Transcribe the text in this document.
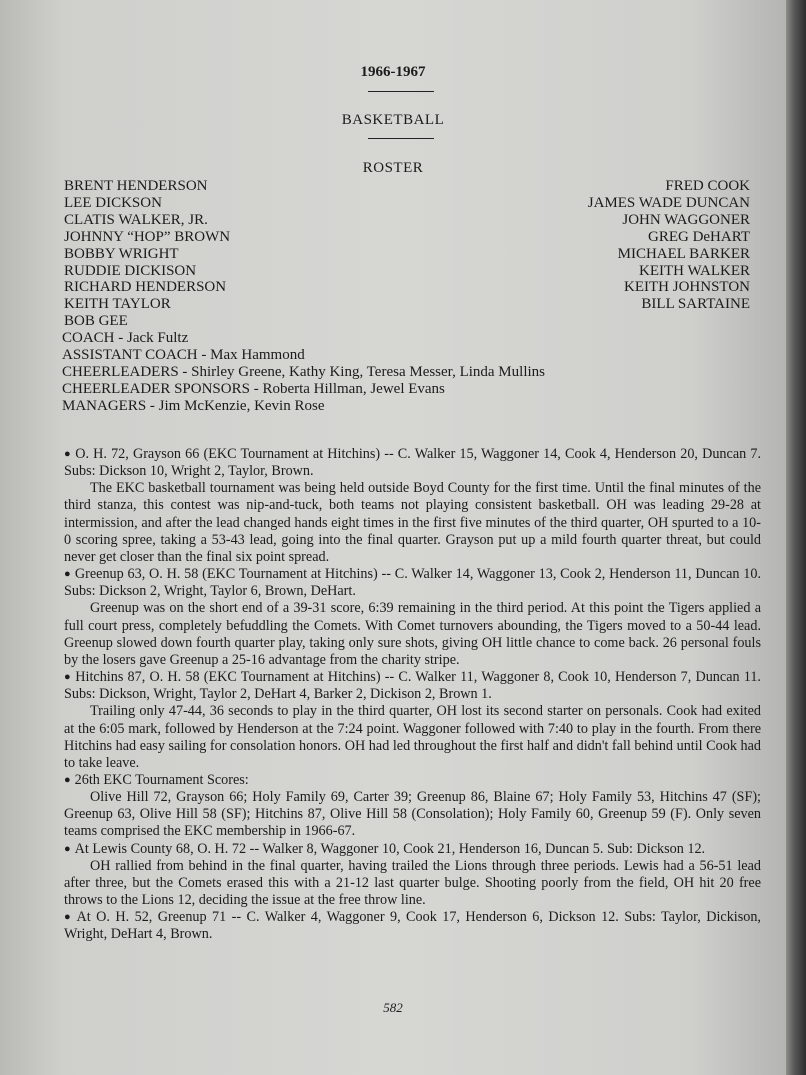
1966-1967
BASKETBALL
ROSTER
BRENT HENDERSON
LEE DICKSON
CLATIS WALKER, JR.
JOHNNY “HOP” BROWN
BOBBY WRIGHT
RUDDIE DICKISON
RICHARD HENDERSON
KEITH TAYLOR
BOB GEE
FRED COOK
JAMES WADE DUNCAN
JOHN WAGGONER
GREG DeHART
MICHAEL BARKER
KEITH WALKER
KEITH JOHNSTON
BILL SARTAINE
COACH - Jack Fultz
ASSISTANT COACH - Max Hammond
CHEERLEADERS - Shirley Greene, Kathy King, Teresa Messer, Linda Mullins
CHEERLEADER SPONSORS - Roberta Hillman, Jewel Evans
MANAGERS - Jim McKenzie, Kevin Rose

● O. H. 72, Grayson 66 (EKC Tournament at Hitchins) -- C. Walker 15, Waggoner 14, Cook 4, Henderson 20, Duncan 7. Subs: Dickson 10, Wright 2, Taylor, Brown.

The EKC basketball tournament was being held outside Boyd County for the first time. Until the final minutes of the third stanza, this contest was nip-and-tuck, both teams not playing consistent basketball. OH was leading 29-28 at intermission, and after the lead changed hands eight times in the first five minutes of the third quarter, OH spurted to a 10-0 scoring spree, taking a 53-43 lead, going into the final quarter. Grayson put up a mild fourth quarter threat, but could never get closer than the final six point spread.

● Greenup 63, O. H. 58 (EKC Tournament at Hitchins) -- C. Walker 14, Waggoner 13, Cook 2, Henderson 11, Duncan 10. Subs: Dickson 2, Wright, Taylor 6, Brown, DeHart.

Greenup was on the short end of a 39-31 score, 6:39 remaining in the third period. At this point the Tigers applied a full court press, completely befuddling the Comets. With Comet turnovers abounding, the Tigers moved to a 50-44 lead. Greenup slowed down fourth quarter play, taking only sure shots, giving OH little chance to come back. 26 personal fouls by the losers gave Greenup a 25-16 advantage from the charity stripe.

● Hitchins 87, O. H. 58 (EKC Tournament at Hitchins) -- C. Walker 11, Waggoner 8, Cook 10, Henderson 7, Duncan 11. Subs: Dickson, Wright, Taylor 2, DeHart 4, Barker 2, Dickison 2, Brown 1.

Trailing only 47-44, 36 seconds to play in the third quarter, OH lost its second starter on personals. Cook had exited at the 6:05 mark, followed by Henderson at the 7:24 point. Waggoner followed with 7:40 to play in the fourth. From there Hitchins had easy sailing for consolation honors. OH had led throughout the first half and didn't fall behind until Cook had to take leave.

● 26th EKC Tournament Scores:

Olive Hill 72, Grayson 66; Holy Family 69, Carter 39; Greenup 86, Blaine 67; Holy Family 53, Hitchins 47 (SF); Greenup 63, Olive Hill 58 (SF); Hitchins 87, Olive Hill 58 (Consolation); Holy Family 60, Greenup 59 (F). Only seven teams comprised the EKC membership in 1966-67.

● At Lewis County 68, O. H. 72 -- Walker 8, Waggoner 10, Cook 21, Henderson 16, Duncan 5. Sub: Dickson 12.

OH rallied from behind in the final quarter, having trailed the Lions through three periods. Lewis had a 56-51 lead after three, but the Comets erased this with a 21-12 last quarter bulge. Shooting poorly from the field, OH hit 20 free throws to the Lions 12, deciding the issue at the free throw line.

● At O. H. 52, Greenup 71 -- C. Walker 4, Waggoner 9, Cook 17, Henderson 6, Dickson 12. Subs: Taylor, Dickison, Wright, DeHart 4, Brown.

582
